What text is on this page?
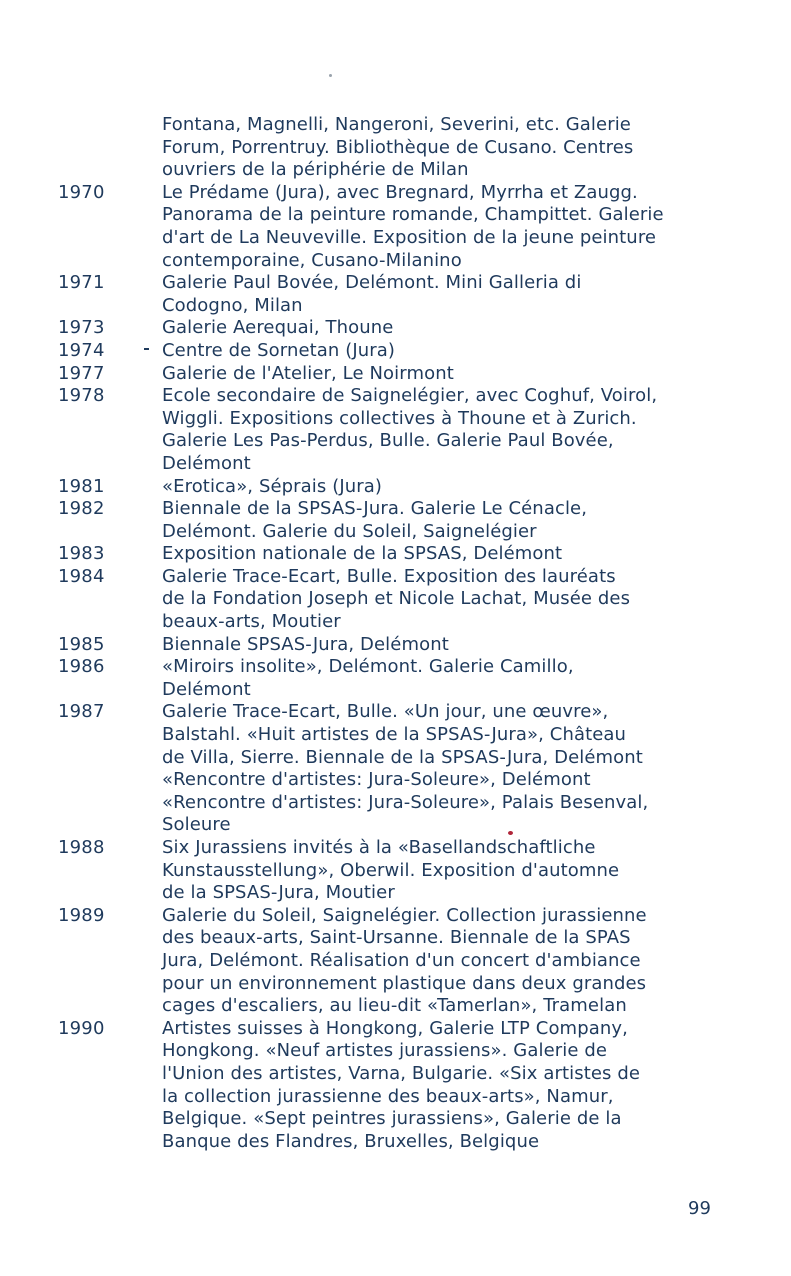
Fontana, Magnelli, Nangeroni, Severini, etc. Galerie
Forum, Porrentruy. Bibliothèque de Cusano. Centres
ouvriers de la périphérie de Milan
1970	Le Prédame (Jura), avec Bregnard, Myrrha et Zaugg.
Panorama de la peinture romande, Champittet. Galerie
d'art de La Neuveville. Exposition de la jeune peinture
contemporaine, Cusano-Milanino
1971	Galerie Paul Bovée, Delémont. Mini Galleria di
Codogno, Milan
1973	Galerie Aerequai, Thoune
1974	Centre de Sornetan (Jura)
1977	Galerie de l'Atelier, Le Noirmont
1978	Ecole secondaire de Saignelégier, avec Coghuf, Voirol,
Wiggli. Expositions collectives à Thoune et à Zurich.
Galerie Les Pas-Perdus, Bulle. Galerie Paul Bovée,
Delémont
1981	«Erotica», Séprais (Jura)
1982	Biennale de la SPSAS-Jura. Galerie Le Cénacle,
Delémont. Galerie du Soleil, Saignelégier
1983	Exposition nationale de la SPSAS, Delémont
1984	Galerie Trace-Ecart, Bulle. Exposition des lauréats
de la Fondation Joseph et Nicole Lachat, Musée des
beaux-arts, Moutier
1985	Biennale SPSAS-Jura, Delémont
1986	«Miroirs insolite», Delémont. Galerie Camillo,
Delémont
1987	Galerie Trace-Ecart, Bulle. «Un jour, une œuvre»,
Balstahl. «Huit artistes de la SPSAS-Jura», Château
de Villa, Sierre. Biennale de la SPSAS-Jura, Delémont
«Rencontre d'artistes: Jura-Soleure», Delémont
«Rencontre d'artistes: Jura-Soleure», Palais Besenval,
Soleure
1988	Six Jurassiens invités à la «Basellandschaftliche
Kunstausstellung», Oberwil. Exposition d'automne
de la SPSAS-Jura, Moutier
1989	Galerie du Soleil, Saignelégier. Collection jurassienne
des beaux-arts, Saint-Ursanne. Biennale de la SPAS
Jura, Delémont. Réalisation d'un concert d'ambiance
pour un environnement plastique dans deux grandes
cages d'escaliers, au lieu-dit «Tamerlan», Tramelan
1990	Artistes suisses à Hongkong, Galerie LTP Company,
Hongkong. «Neuf artistes jurassiens». Galerie de
l'Union des artistes, Varna, Bulgarie. «Six artistes de
la collection jurassienne des beaux-arts», Namur,
Belgique. «Sept peintres jurassiens», Galerie de la
Banque des Flandres, Bruxelles, Belgique
99
